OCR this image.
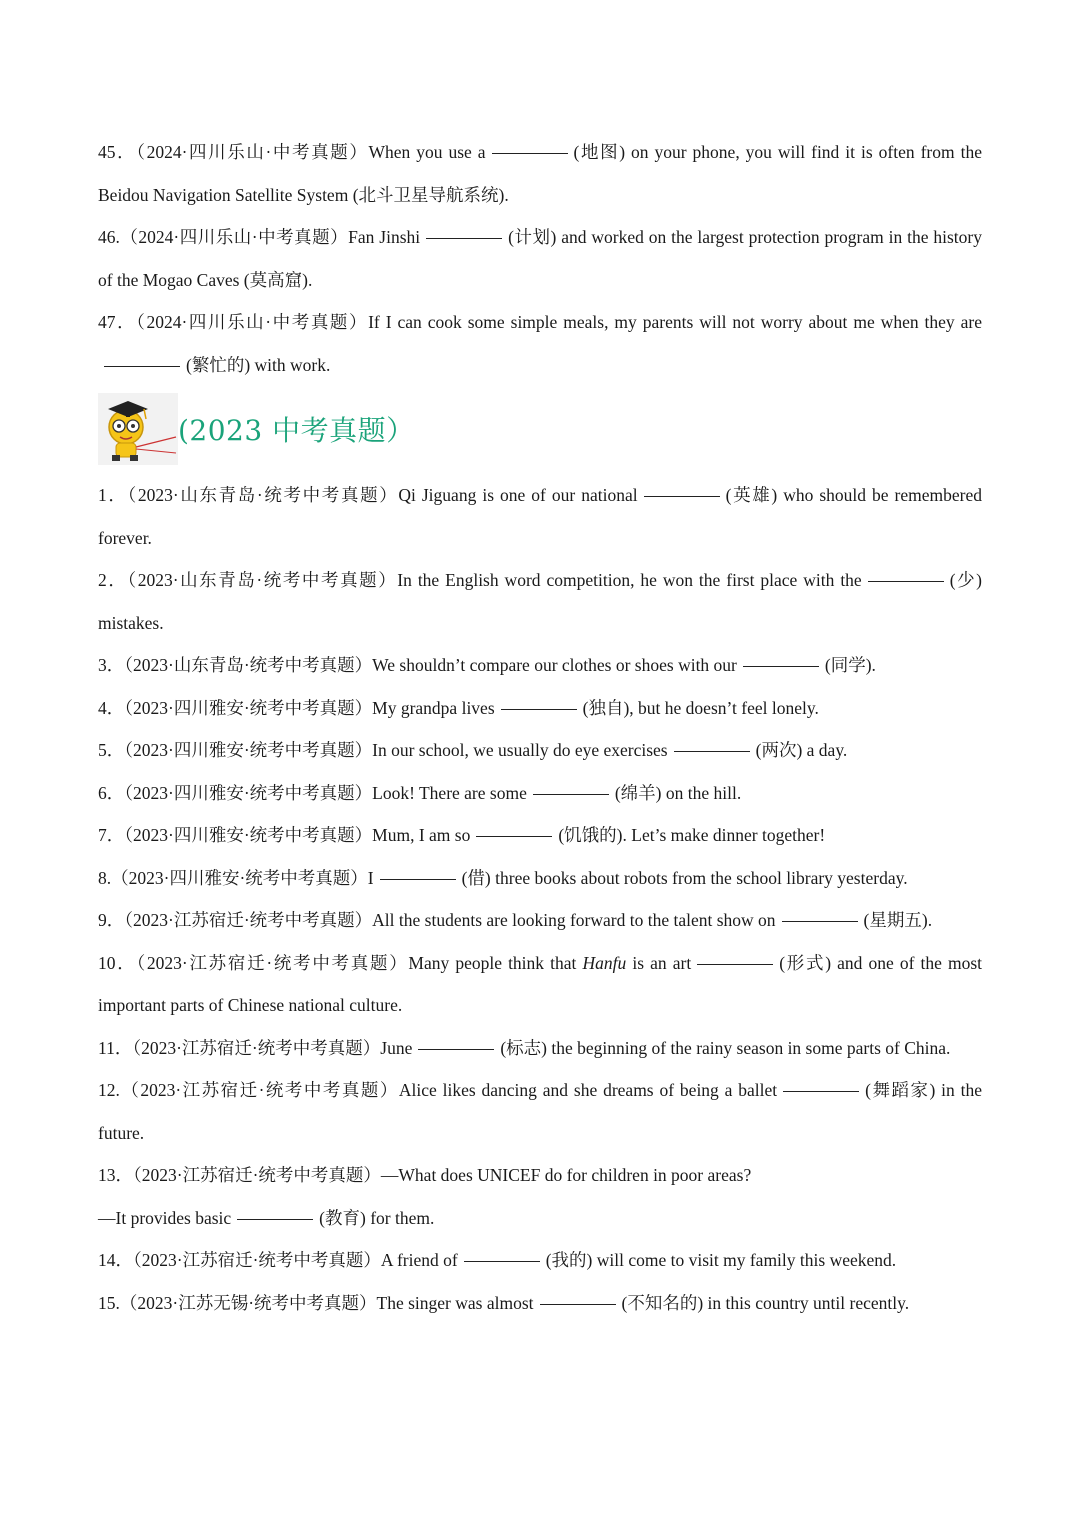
45．（2024·四川乐山·中考真题）When you use a	(地图) on your phone, you will find it is often from the Beidou Navigation Satellite System (北斗卫星导航系统).
46.（2024·四川乐山·中考真题）Fan Jinshi	(计划) and worked on the largest protection program in the history of the Mogao Caves (莫高窟).
47．（2024·四川乐山·中考真题）If I can cook some simple meals, my parents will not worry about me when they are(繁忙的) with work.
(2023 中考真题）
1．（2023·山东青岛·统考中考真题）Qi Jiguang is one of our national	(英雄) who should be remembered forever.
2．（2023·山东青岛·统考中考真题）In the English word competition, he won the first place with the	(少) mistakes.
3．（2023·山东青岛·统考中考真题）We shouldn’t compare our clothes or shoes with our	(同学).
4．（2023·四川雅安·统考中考真题）My grandpa lives	(独自), but he doesn’t feel lonely.
5．（2023·四川雅安·统考中考真题）In our school, we usually do eye exercises	(两次) a day.
6．（2023·四川雅安·统考中考真题）Look! There are some	(绵羊) on the hill.
7．（2023·四川雅安·统考中考真题）Mum, I am so	(饥饿的). Let’s make dinner together!
8.（2023·四川雅安·统考中考真题）I	(借) three books about robots from the school library yesterday.
9．（2023·江苏宿迁·统考中考真题）All the students are looking forward to the talent show on	(星期五).
10．（2023·江苏宿迁·统考中考真题）Many people think that Hanfu is an art	(形式) and one of the most important parts of Chinese national culture.
11．（2023·江苏宿迁·统考中考真题）June	(标志) the beginning of the rainy season in some parts of China.
12.（2023·江苏宿迁·统考中考真题）Alice likes dancing and she dreams of being a ballet	(舞蹈家) in the future.
13．（2023·江苏宿迁·统考中考真题）—What does UNICEF do for children in poor areas?
—It provides basic	(教育) for them.
14．（2023·江苏宿迁·统考中考真题）A friend of	(我的) will come to visit my family this weekend.
15.（2023·江苏无锡·统考中考真题）The singer was almost	(不知名的) in this country until recently.
